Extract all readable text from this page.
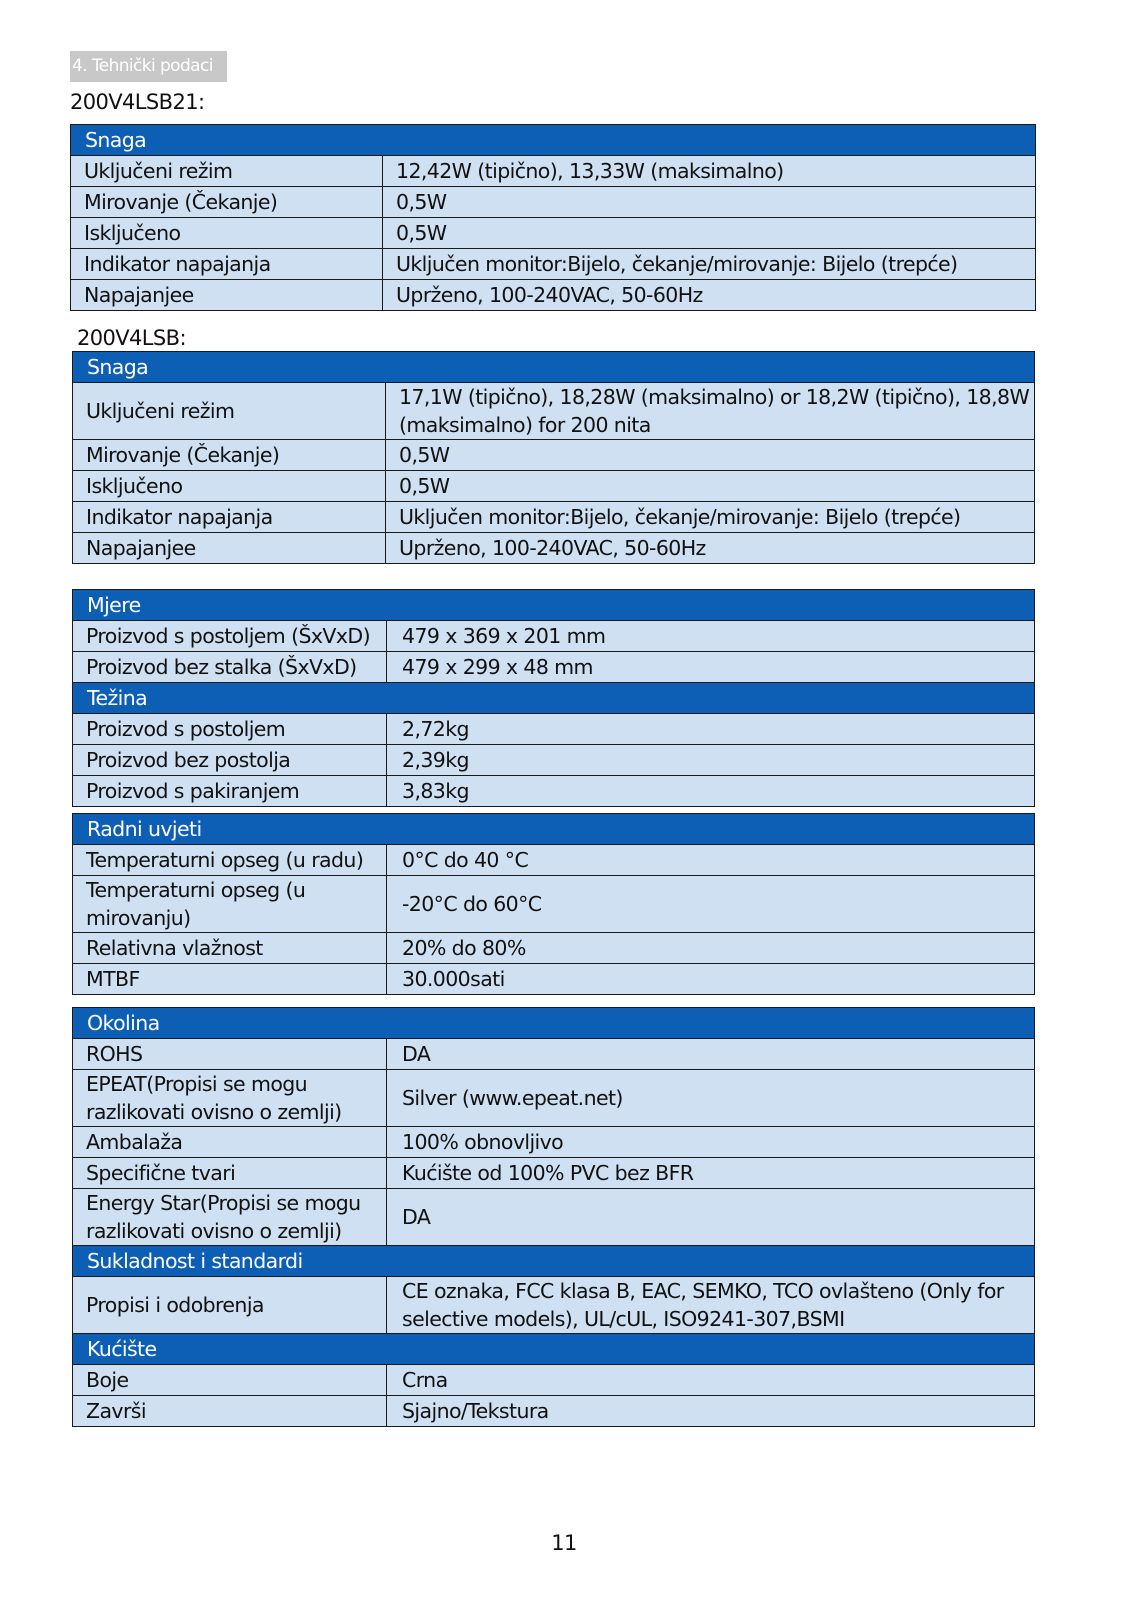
4. Tehnički podaci
200V4LSB21:
Snaga	
Uključeni režim	12,42W (tipično), 13,33W (maksimalno)
Mirovanje (Čekanje)	0,5W
Isključeno	0,5W
Indikator napajanja	Uključen monitor:Bijelo, čekanje/mirovanje: Bijelo (trepće)
Napajanjee	Uprženo, 100-240VAC, 50-60Hz
200V4LSB:
Snaga	
Uključeni režim	17,1W (tipično), 18,28W (maksimalno) or 18,2W (tipično), 18,8W (maksimalno) for 200 nita
Mirovanje (Čekanje)	0,5W
Isključeno	0,5W
Indikator napajanja	Uključen monitor:Bijelo, čekanje/mirovanje: Bijelo (trepće)
Napajanjee	Uprženo, 100-240VAC, 50-60Hz
Mjere	
Proizvod s postoljem (ŠxVxD)	479 x 369 x 201 mm
Proizvod bez stalka (ŠxVxD)	479 x 299 x 48 mm
Težina	
Proizvod s postoljem	2,72kg
Proizvod bez postolja	2,39kg
Proizvod s pakiranjem	3,83kg
Radni uvjeti	
Temperaturni opseg (u radu)	0°C do 40 °C
Temperaturni opseg (u mirovanju)	-20°C do 60°C
Relativna vlažnost	20% do 80%
MTBF	30.000sati
Okolina	
ROHS	DA
EPEAT(Propisi se mogu razlikovati ovisno o zemlji)	Silver (www.epeat.net)
Ambalaža	100% obnovljivo
Specifične tvari	Kućište od 100% PVC bez BFR
Energy Star(Propisi se mogu razlikovati ovisno o zemlji)	DA
Sukladnost i standardi	
Propisi i odobrenja	CE oznaka, FCC klasa B, EAC, SEMKO, TCO ovlašteno (Only for selective models), UL/cUL, ISO9241-307,BSMI
Kućište	
Boje	Crna
Završi	Sjajno/Tekstura
11
